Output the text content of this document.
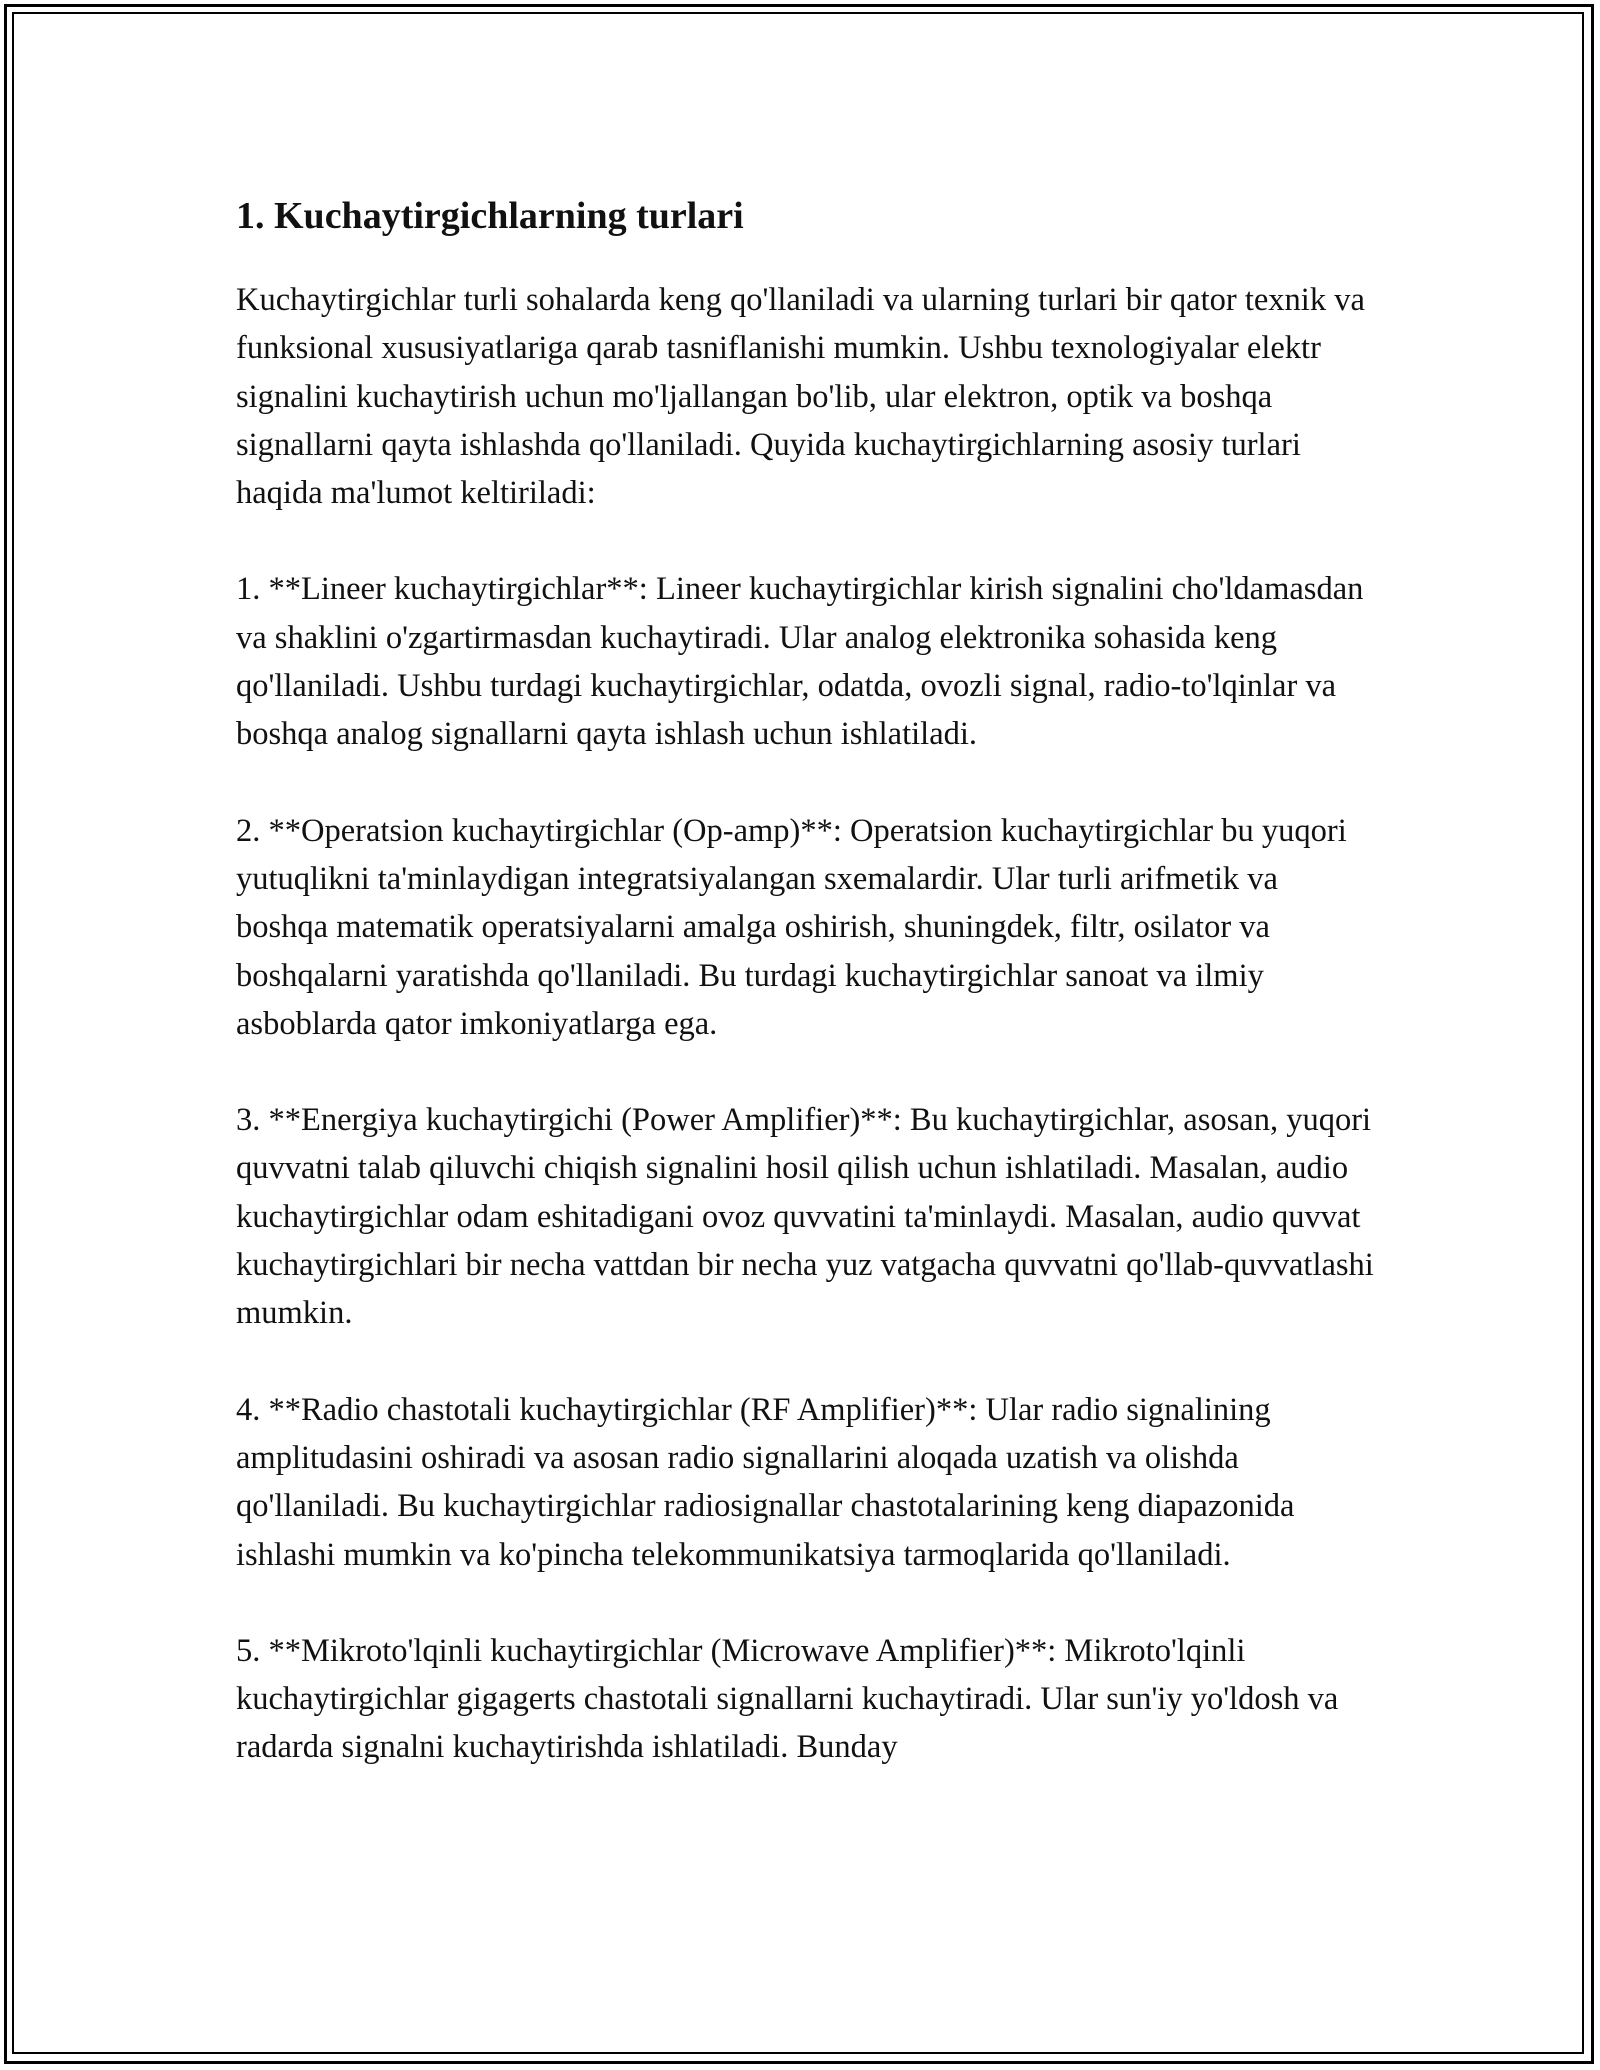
1. Kuchaytirgichlarning turlari

Kuchaytirgichlar turli sohalarda keng qo'llaniladi va ularning turlari bir qator texnik va funksional xususiyatlariga qarab tasniflanishi mumkin. Ushbu texnologiyalar elektr signalini kuchaytirish uchun mo'ljallangan bo'lib, ular elektron, optik va boshqa signallarni qayta ishlashda qo'llaniladi. Quyida kuchaytirgichlarning asosiy turlari haqida ma'lumot keltiriladi:

1. **Lineer kuchaytirgichlar**: Lineer kuchaytirgichlar kirish signalini cho'ldamasdan va shaklini o'zgartirmasdan kuchaytiradi. Ular analog elektronika sohasida keng qo'llaniladi. Ushbu turdagi kuchaytirgichlar, odatda, ovozli signal, radio-to'lqinlar va boshqa analog signallarni qayta ishlash uchun ishlatiladi.

2. **Operatsion kuchaytirgichlar (Op-amp)**: Operatsion kuchaytirgichlar bu yuqori yutuqlikni ta'minlaydigan integratsiyalangan sxemalardir. Ular turli arifmetik va boshqa matematik operatsiyalarni amalga oshirish, shuningdek, filtr, osilator va boshqalarni yaratishda qo'llaniladi. Bu turdagi kuchaytirgichlar sanoat va ilmiy asboblarda qator imkoniyatlarga ega.

3. **Energiya kuchaytirgichi (Power Amplifier)**: Bu kuchaytirgichlar, asosan, yuqori quvvatni talab qiluvchi chiqish signalini hosil qilish uchun ishlatiladi. Masalan, audio kuchaytirgichlar odam eshitadigani ovoz quvvatini ta'minlaydi. Masalan, audio quvvat kuchaytirgichlari bir necha vattdan bir necha yuz vatgacha quvvatni qo'llab-quvvatlashi mumkin.

4. **Radio chastotali kuchaytirgichlar (RF Amplifier)**: Ular radio signalining amplitudasini oshiradi va asosan radio signallarini aloqada uzatish va olishda qo'llaniladi. Bu kuchaytirgichlar radiosignallar chastotalarining keng diapazonida ishlashi mumkin va ko'pincha telekommunikatsiya tarmoqlarida qo'llaniladi.

5. **Mikroto'lqinli kuchaytirgichlar (Microwave Amplifier)**: Mikroto'lqinli kuchaytirgichlar gigagerts chastotali signallarni kuchaytiradi. Ular sun'iy yo'ldosh va radarda signalni kuchaytirishda ishlatiladi. Bunday
